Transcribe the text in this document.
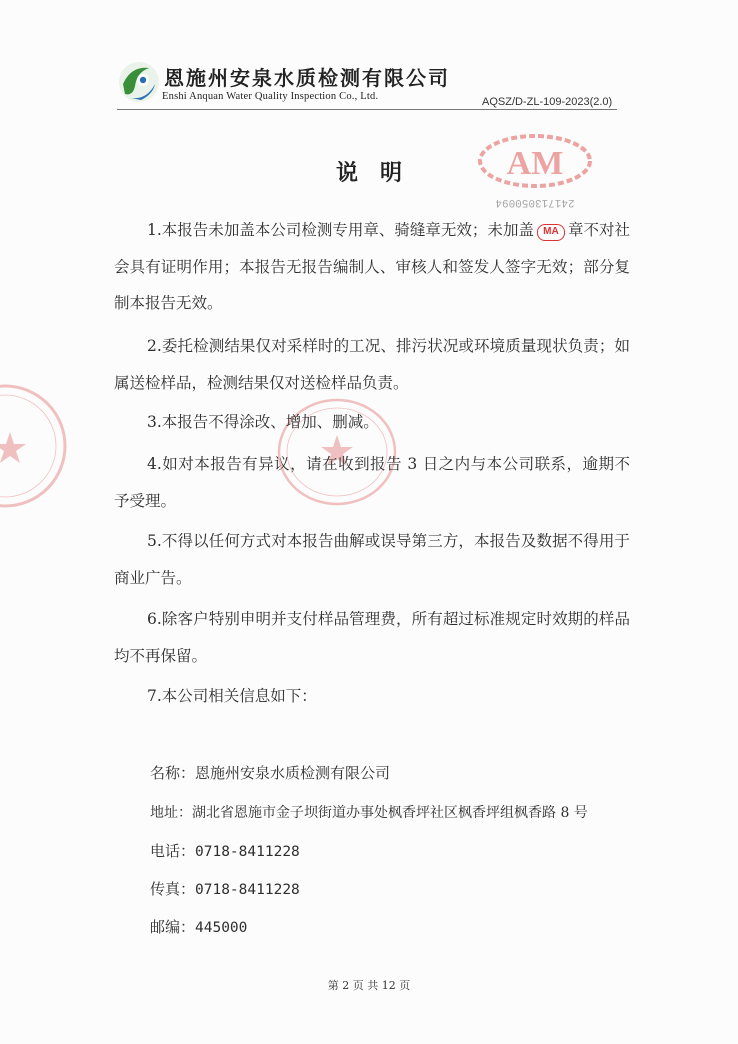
恩施州安泉水质检测有限公司
Enshi Anquan Water Quality Inspection Co., Ltd.	AQSZ/D-ZL-109-2023(2.0)
AM
241713050094
说明
1.本报告未加盖本公司检测专用章、骑缝章无效；未加盖 MA 章不对社会具有证明作用；本报告无报告编制人、审核人和签发人签字无效；部分复制本报告无效。
2.委托检测结果仅对采样时的工况、排污状况或环境质量现状负责；如属送检样品，检测结果仅对送检样品负责。
3.本报告不得涂改、增加、删减。
4.如对本报告有异议，请在收到报告 3 日之内与本公司联系，逾期不予受理。
5.不得以任何方式对本报告曲解或误导第三方，本报告及数据不得用于商业广告。
6.除客户特别申明并支付样品管理费，所有超过标准规定时效期的样品均不再保留。
7.本公司相关信息如下：
名称：恩施州安泉水质检测有限公司
地址：湖北省恩施市金子坝街道办事处枫香坪社区枫香坪组枫香路 8 号
电话：0718-8411228
传真：0718-8411228
邮编：445000
第 2 页 共 12 页
